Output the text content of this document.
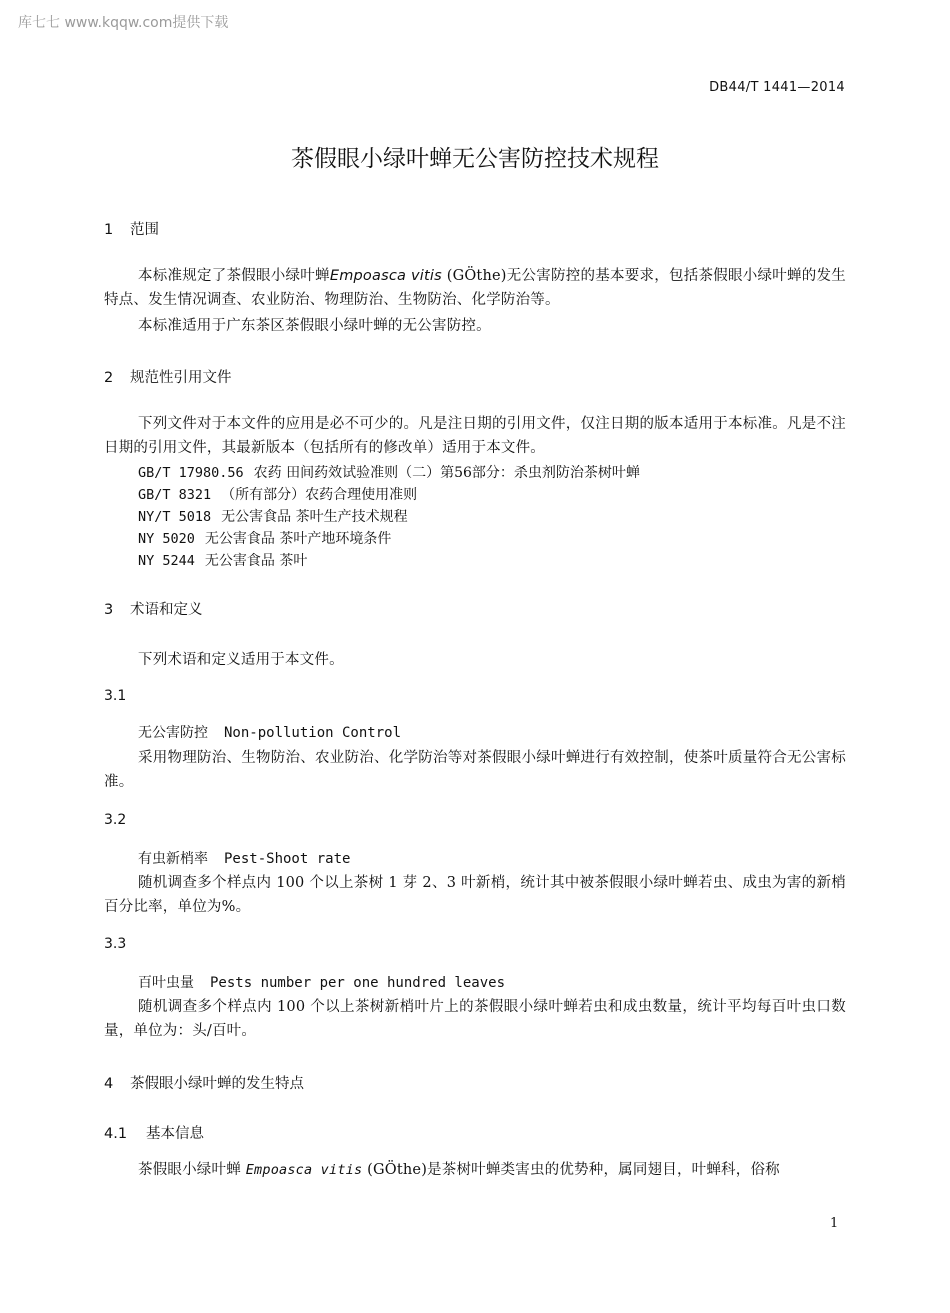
库七七 www.kqqw.com提供下载
DB44/T 1441—2014
茶假眼小绿叶蝉无公害防控技术规程
1 范围
本标准规定了茶假眼小绿叶蝉Empoasca vitis (GÖthe)无公害防控的基本要求，包括茶假眼小绿叶蝉的发生特点、发生情况调查、农业防治、物理防治、生物防治、化学防治等。
本标准适用于广东茶区茶假眼小绿叶蝉的无公害防控。
2 规范性引用文件
下列文件对于本文件的应用是必不可少的。凡是注日期的引用文件，仅注日期的版本适用于本标准。凡是不注日期的引用文件，其最新版本（包括所有的修改单）适用于本文件。
GB/T 17980.56 农药 田间药效试验准则（二）第56部分：杀虫剂防治茶树叶蝉
GB/T 8321 （所有部分）农药合理使用准则
NY/T 5018 无公害食品 茶叶生产技术规程
NY 5020 无公害食品 茶叶产地环境条件
NY 5244 无公害食品 茶叶
3 术语和定义
下列术语和定义适用于本文件。
3.1
无公害防控 Non-pollution Control
采用物理防治、生物防治、农业防治、化学防治等对茶假眼小绿叶蝉进行有效控制，使茶叶质量符合无公害标准。
3.2
有虫新梢率 Pest-Shoot rate
随机调查多个样点内 100 个以上茶树 1 芽 2、3 叶新梢，统计其中被茶假眼小绿叶蝉若虫、成虫为害的新梢百分比率，单位为%。
3.3
百叶虫量 Pests number per one hundred leaves
随机调查多个样点内 100 个以上茶树新梢叶片上的茶假眼小绿叶蝉若虫和成虫数量，统计平均每百叶虫口数量，单位为：头/百叶。
4 茶假眼小绿叶蝉的发生特点
4.1 基本信息
茶假眼小绿叶蝉 Empoasca vitis (GÖthe)是茶树叶蝉类害虫的优势种，属同翅目，叶蝉科，俗称
1
